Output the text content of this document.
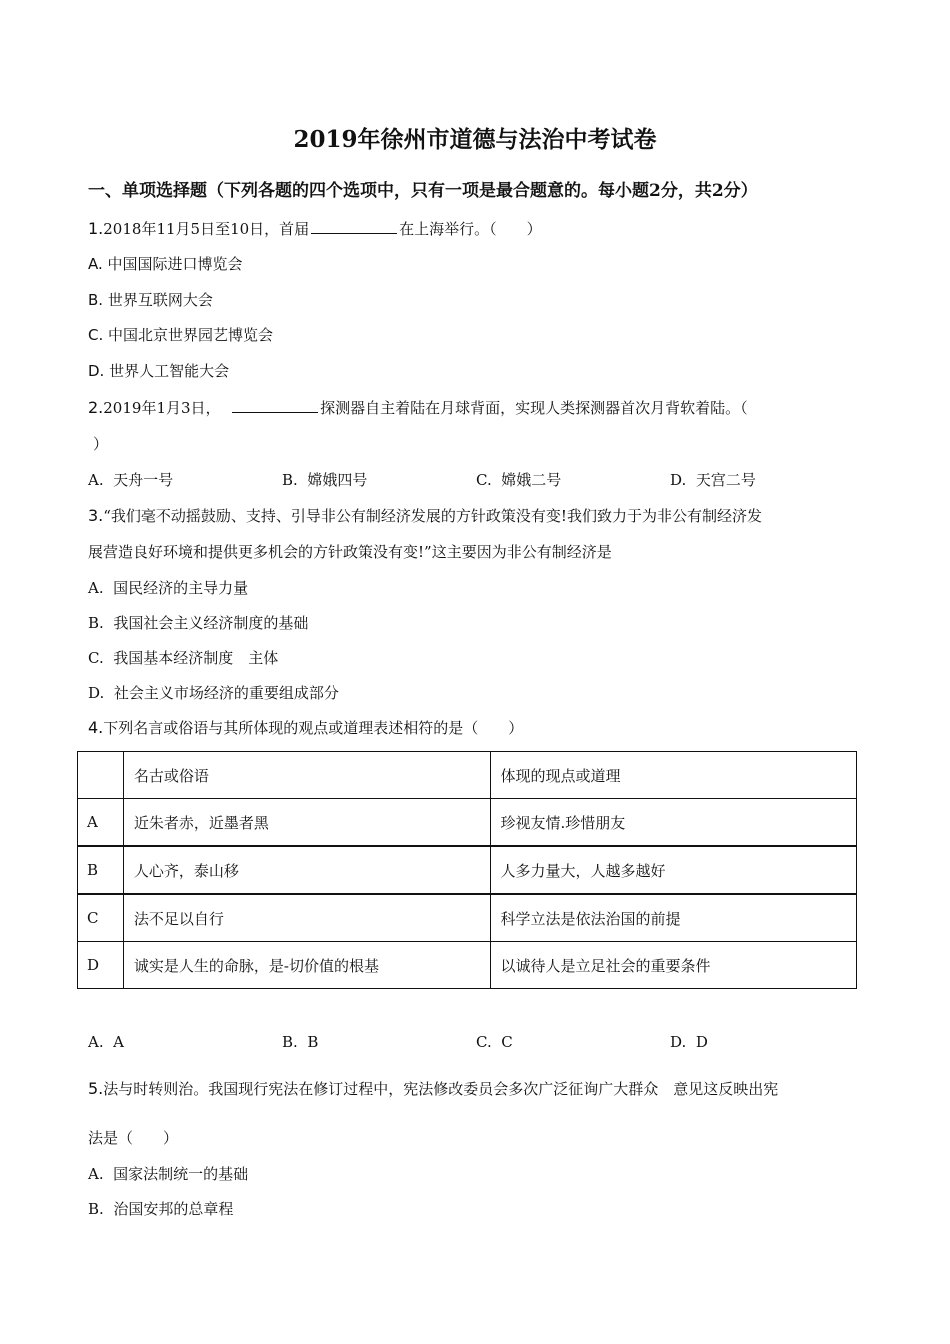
2019年徐州市道德与法治中考试卷
一、单项选择题（下列各题的四个选项中，只有一项是最合题意的。每小题2分，共2分）
1.2018年11月5日至10日，首届	在上海举行。（　　）
A. 中国国际进口博览会
B. 世界互联网大会
C. 中国北京世界园艺博览会
D. 世界人工智能大会
2.2019年1月3日，	探测器自主着陆在月球背面，实现人类探测器首次月背软着陆。（
）
A. 天舟一号	B. 嫦娥四号	C. 嫦娥二号	D. 天宫二号
3.“我们毫不动摇鼓励、支持、引导非公有制经济发展的方针政策没有变!我们致力于为非公有制经济发
展营造良好环境和提供更多机会的方针政策没有变!”这主要因为非公有制经济是
A. 国民经济的主导力量
B. 我国社会主义经济制度的基础
C. 我国基本经济制度　主体
D. 社会主义市场经济的重要组成部分
4.下列名言或俗语与其所体现的观点或道理表述相符的是（　　）
	名古或俗语	体现的现点或道理
A	近朱者赤，近墨者黑	珍视友情.珍惜朋友
B	人心齐，泰山移	人多力量大，人越多越好
C	法不足以自行	科学立法是依法治国的前提
D	诚实是人生的命脉，是-切价值的根基	以诚待人是立足社会的重要条件
A. A	B. B	C. C	D. D
5.法与时转则治。我国现行宪法在修订过程中，宪法修改委员会多次广泛征询广大群众　意见这反映出宪
法是（　　）
A. 国家法制统一的基础
B. 治国安邦的总章程
